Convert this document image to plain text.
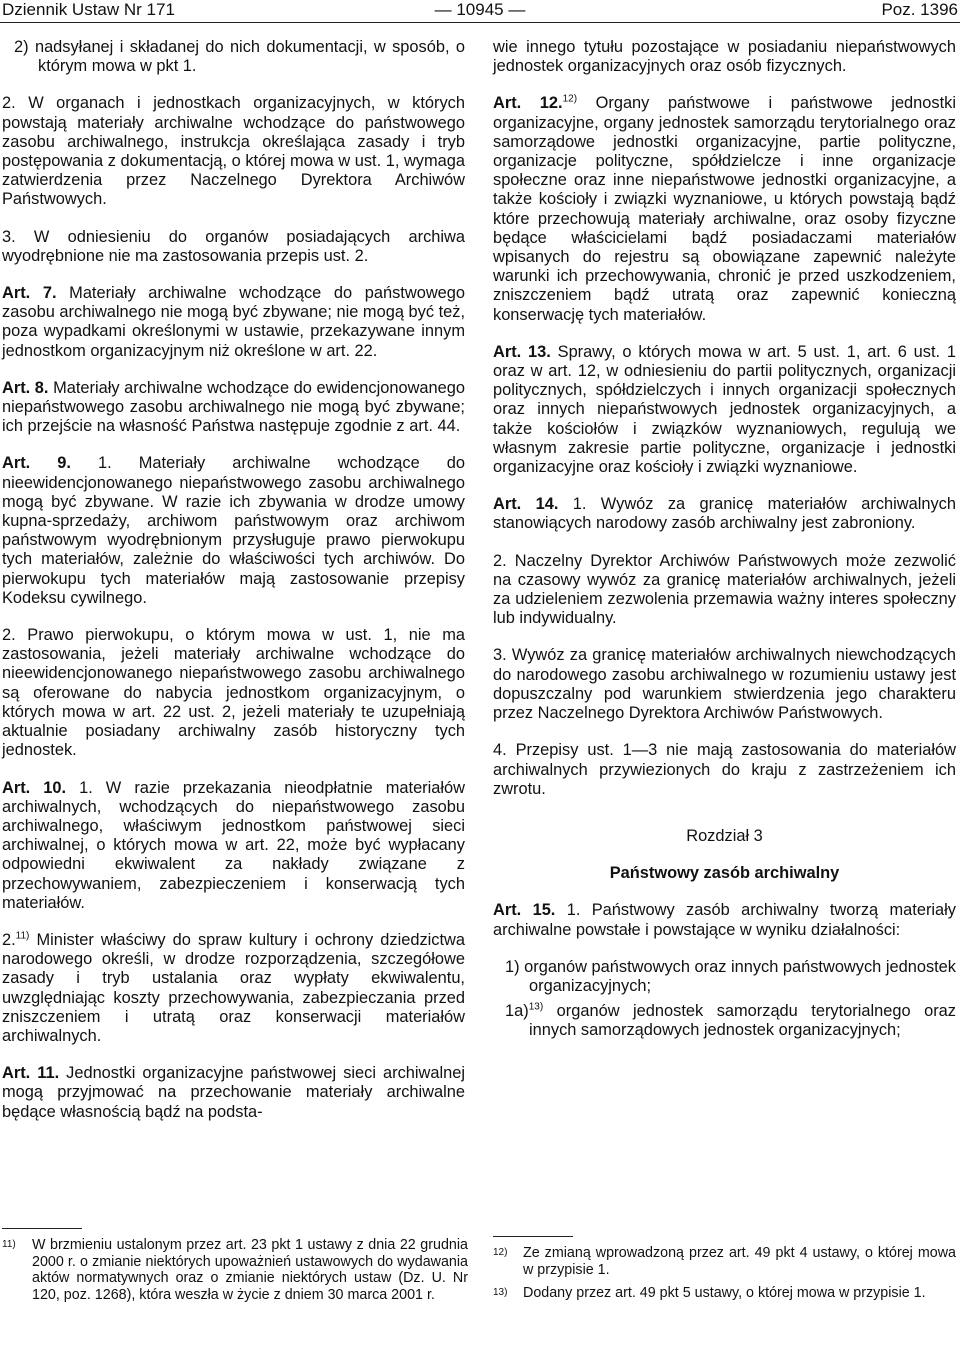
Dziennik Ustaw Nr 171	— 10945 —	Poz. 1396

2) nadsyłanej i składanej do nich dokumentacji, w sposób, o którym mowa w pkt 1.

2. W organach i jednostkach organizacyjnych, w których powstają materiały archiwalne wchodzące do państwowego zasobu archiwalnego, instrukcja określająca zasady i tryb postępowania z dokumentacją, o której mowa w ust. 1, wymaga zatwierdzenia przez Naczelnego Dyrektora Archiwów Państwowych.

3. W odniesieniu do organów posiadających archiwa wyodrębnione nie ma zastosowania przepis ust. 2.

Art. 7. Materiały archiwalne wchodzące do państwowego zasobu archiwalnego nie mogą być zbywane; nie mogą być też, poza wypadkami określonymi w ustawie, przekazywane innym jednostkom organizacyjnym niż określone w art. 22.

Art. 8. Materiały archiwalne wchodzące do ewidencjonowanego niepaństwowego zasobu archiwalnego nie mogą być zbywane; ich przejście na własność Państwa następuje zgodnie z art. 44.

Art. 9. 1. Materiały archiwalne wchodzące do nieewidencjonowanego niepaństwowego zasobu archiwalnego mogą być zbywane. W razie ich zbywania w drodze umowy kupna-sprzedaży, archiwom państwowym oraz archiwom państwowym wyodrębnionym przysługuje prawo pierwokupu tych materiałów, zależnie do właściwości tych archiwów. Do pierwokupu tych materiałów mają zastosowanie przepisy Kodeksu cywilnego.

2. Prawo pierwokupu, o którym mowa w ust. 1, nie ma zastosowania, jeżeli materiały archiwalne wchodzące do nieewidencjonowanego niepaństwowego zasobu archiwalnego są oferowane do nabycia jednostkom organizacyjnym, o których mowa w art. 22 ust. 2, jeżeli materiały te uzupełniają aktualnie posiadany archiwalny zasób historyczny tych jednostek.

Art. 10. 1. W razie przekazania nieodpłatnie materiałów archiwalnych, wchodzących do niepaństwowego zasobu archiwalnego, właściwym jednostkom państwowej sieci archiwalnej, o których mowa w art. 22, może być wypłacany odpowiedni ekwiwalent za nakłady związane z przechowywaniem, zabezpieczeniem i konserwacją tych materiałów.

2.$^{11)}$ Minister właściwy do spraw kultury i ochrony dziedzictwa narodowego określi, w drodze rozporządzenia, szczegółowe zasady i tryb ustalania oraz wypłaty ekwiwalentu, uwzględniając koszty przechowywania, zabezpieczania przed zniszczeniem i utratą oraz konserwacji materiałów archiwalnych.

Art. 11. Jednostki organizacyjne państwowej sieci archiwalnej mogą przyjmować na przechowanie materiały archiwalne będące własnością bądź na podsta-

wie innego tytułu pozostające w posiadaniu niepaństwowych jednostek organizacyjnych oraz osób fizycznych.

Art. 12.$^{12)}$ Organy państwowe i państwowe jednostki organizacyjne, organy jednostek samorządu terytorialnego oraz samorządowe jednostki organizacyjne, partie polityczne, organizacje polityczne, spółdzielcze i inne organizacje społeczne oraz inne niepaństwowe jednostki organizacyjne, a także kościoły i związki wyznaniowe, u których powstają bądź które przechowują materiały archiwalne, oraz osoby fizyczne będące właścicielami bądź posiadaczami materiałów wpisanych do rejestru są obowiązane zapewnić należyte warunki ich przechowywania, chronić je przed uszkodzeniem, zniszczeniem bądź utratą oraz zapewnić konieczną konserwację tych materiałów.

Art. 13. Sprawy, o których mowa w art. 5 ust. 1, art. 6 ust. 1 oraz w art. 12, w odniesieniu do partii politycznych, organizacji politycznych, spółdzielczych i innych organizacji społecznych oraz innych niepaństwowych jednostek organizacyjnych, a także kościołów i związków wyznaniowych, regulują we własnym zakresie partie polityczne, organizacje i jednostki organizacyjne oraz kościoły i związki wyznaniowe.

Art. 14. 1. Wywóz za granicę materiałów archiwalnych stanowiących narodowy zasób archiwalny jest zabroniony.

2. Naczelny Dyrektor Archiwów Państwowych może zezwolić na czasowy wywóz za granicę materiałów archiwalnych, jeżeli za udzieleniem zezwolenia przemawia ważny interes społeczny lub indywidualny.

3. Wywóz za granicę materiałów archiwalnych niewchodzących do narodowego zasobu archiwalnego w rozumieniu ustawy jest dopuszczalny pod warunkiem stwierdzenia jego charakteru przez Naczelnego Dyrektora Archiwów Państwowych.

4. Przepisy ust. 1—3 nie mają zastosowania do materiałów archiwalnych przywiezionych do kraju z zastrzeżeniem ich zwrotu.

Rozdział 3

Państwowy zasób archiwalny

Art. 15. 1. Państwowy zasób archiwalny tworzą materiały archiwalne powstałe i powstające w wyniku działalności:

1) organów państwowych oraz innych państwowych jednostek organizacyjnych;

1a)$^{13)}$ organów jednostek samorządu terytorialnego oraz innych samorządowych jednostek organizacyjnych;

11) W brzmieniu ustalonym przez art. 23 pkt 1 ustawy z dnia 22 grudnia 2000 r. o zmianie niektórych upoważnień ustawowych do wydawania aktów normatywnych oraz o zmianie niektórych ustaw (Dz. U. Nr 120, poz. 1268), która weszła w życie z dniem 30 marca 2001 r.
12) Ze zmianą wprowadzoną przez art. 49 pkt 4 ustawy, o której mowa w przypisie 1.
13) Dodany przez art. 49 pkt 5 ustawy, o której mowa w przypisie 1.
